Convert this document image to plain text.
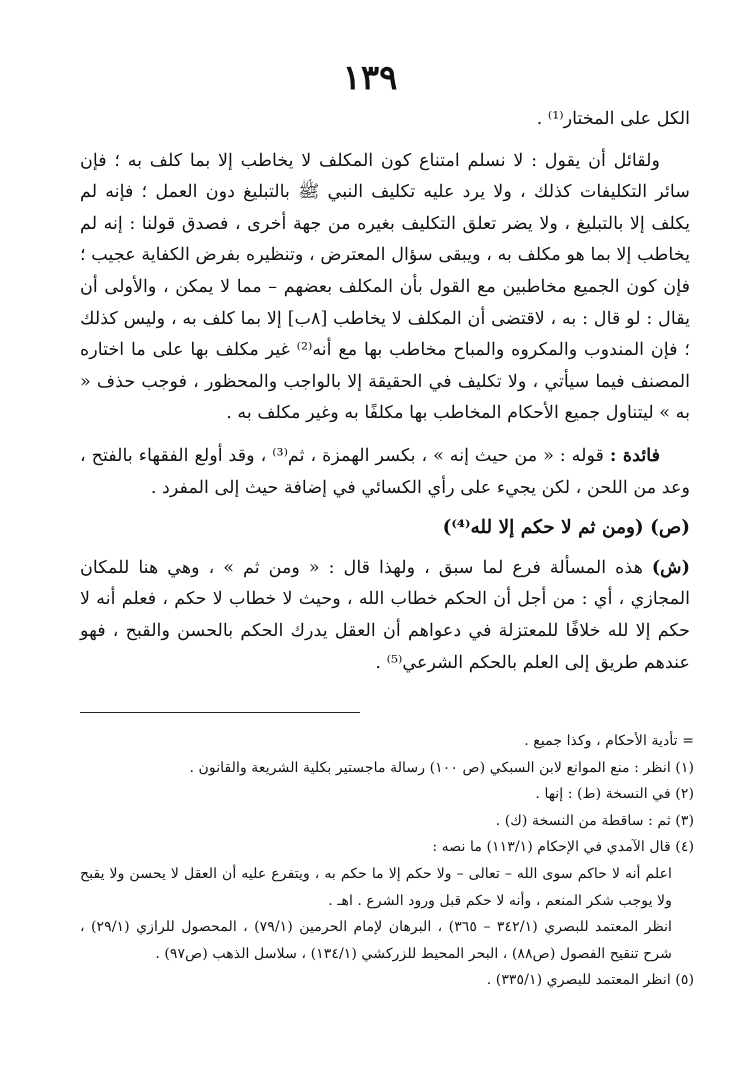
١٣٩

الكل على المختار⁽¹⁾ .

ولقائل أن يقول : لا نسلم امتناع كون المكلف لا يخاطب إلا بما كلف به ؛ فإن سائر التكليفات كذلك ، ولا يرد عليه تكليف النبي ﷺ بالتبليغ دون العمل ؛ فإنه لم يكلف إلا بالتبليغ ، ولا يضر تعلق التكليف بغيره من جهة أخرى ، فصدق قولنا : إنه لم يخاطب إلا بما هو مكلف به ، ويبقى سؤال المعترض ، وتنظيره بفرض الكفاية عجيب ؛ فإن كون الجميع مخاطبين مع القول بأن المكلف بعضهم – مما لا يمكن ، والأولى أن يقال : لو قال : به ، لاقتضى أن المكلف لا يخاطب [٨ب] إلا بما كلف به ، وليس كذلك ؛ فإن المندوب والمكروه والمباح مخاطب بها مع أنه⁽²⁾ غير مكلف بها على ما اختاره المصنف فيما سيأتي ، ولا تكليف في الحقيقة إلا بالواجب والمحظور ، فوجب حذف « به » ليتناول جميع الأحكام المخاطب بها مكلفًا به وغير مكلف به .

فائدة : قوله : « من حيث إنه » ، بكسر الهمزة ، ثم⁽³⁾ ، وقد أولع الفقهاء بالفتح ، وعد من اللحن ، لكن يجيء على رأي الكسائي في إضافة حيث إلى المفرد .

(ص) (ومن ثم لا حكم إلا لله⁽⁴⁾)

(ش) هذه المسألة فرع لما سبق ، ولهذا قال : « ومن ثم » ، وهي هنا للمكان المجازي ، أي : من أجل أن الحكم خطاب الله ، وحيث لا خطاب لا حكم ، فعلم أنه لا حكم إلا لله خلافًا للمعتزلة في دعواهم أن العقل يدرك الحكم بالحسن والقبح ، فهو عندهم طريق إلى العلم بالحكم الشرعي⁽⁵⁾ .

= تأدية الأحكام ، وكذا جميع .

(١) انظر : منع الموانع لابن السبكي (ص ١٠٠) رسالة ماجستير بكلية الشريعة والقانون .

(٢) في النسخة (ط) : إنها .

(٣) ثم : ساقطة من النسخة (ك) .

(٤) قال الآمدي في الإحكام (١١٣/١) ما نصه :

اعلم أنه لا حاكم سوى الله – تعالى – ولا حكم إلا ما حكم به ، ويتفرع عليه أن العقل لا يحسن ولا يقبح ولا يوجب شكر المنعم ، وأنه لا حكم قبل ورود الشرع . اهـ .

انظر المعتمد للبصري (٣٤٢/١ – ٣٦٥) ، البرهان لإمام الحرمين (٧٩/١) ، المحصول للرازي (٢٩/١) ، شرح تنقيح الفصول (ص٨٨) ، البحر المحيط للزركشي (١٣٤/١) ، سلاسل الذهب (ص٩٧) .

(٥) انظر المعتمد للبصري (٣٣٥/١) .
